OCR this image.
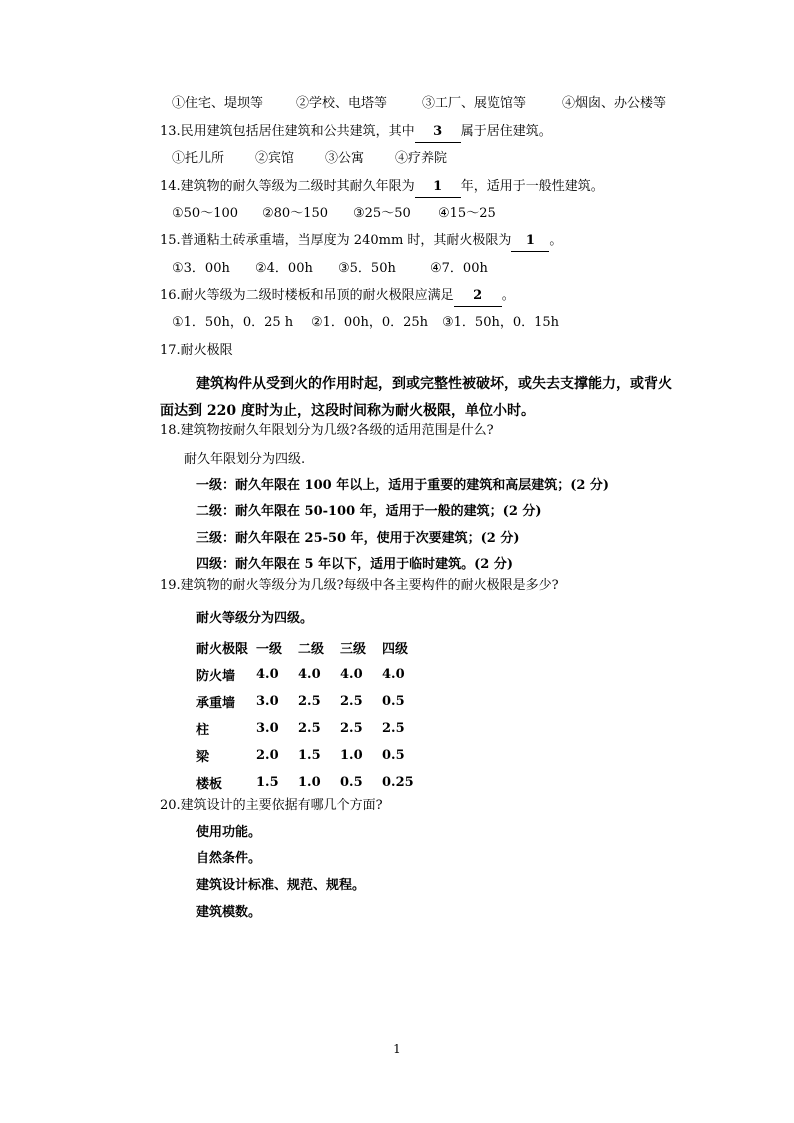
①住宅、堤坝等	②学校、电塔等	③工厂、展览馆等	④烟囱、办公楼等
13.民用建筑包括居住建筑和公共建筑，其中 3 属于居住建筑。
①托儿所 ②宾馆 ③公寓 ④疗养院
14.建筑物的耐久等级为二级时其耐久年限为 1 年，适用于一般性建筑。
①50～100 ②80～150 ③25～50 ④15～25
15.普通粘土砖承重墙，当厚度为 240mm 时，其耐火极限为 1 。
①3．00h ②4．00h ③5．50h	④7．00h
16.耐火等级为二级时楼板和吊顶的耐火极限应满足 2 。
①1．50h，0．25 h ②1．00h，0．25h ③1．50h，0．15h
17.耐火极限
建筑构件从受到火的作用时起，到或完整性被破坏，或失去支撑能力，或背火
面达到 220 度时为止，这段时间称为耐火极限，单位小时。
18.建筑物按耐久年限划分为几级?各级的适用范围是什么?
耐久年限划分为四级.
一级：耐久年限在 100 年以上，适用于重要的建筑和高层建筑；(2 分)
二级：耐久年限在 50-100 年，适用于一般的建筑；(2 分)
三级：耐久年限在 25-50 年，使用于次要建筑；(2 分)
四级：耐久年限在 5 年以下，适用于临时建筑。(2 分)
19.建筑物的耐火等级分为几级?每级中各主要构件的耐火极限是多少?
耐火等级分为四级。
耐火极限	一级	二级	三级	四级
防火墙	4.0	4.0	4.0	4.0
承重墙	3.0	2.5	2.5	0.5
柱	3.0	2.5	2.5	2.5
梁	2.0	1.5	1.0	0.5
楼板	1.5	1.0	0.5	0.25
20.建筑设计的主要依据有哪几个方面?
使用功能。
自然条件。
建筑设计标准、规范、规程。
建筑模数。
1
